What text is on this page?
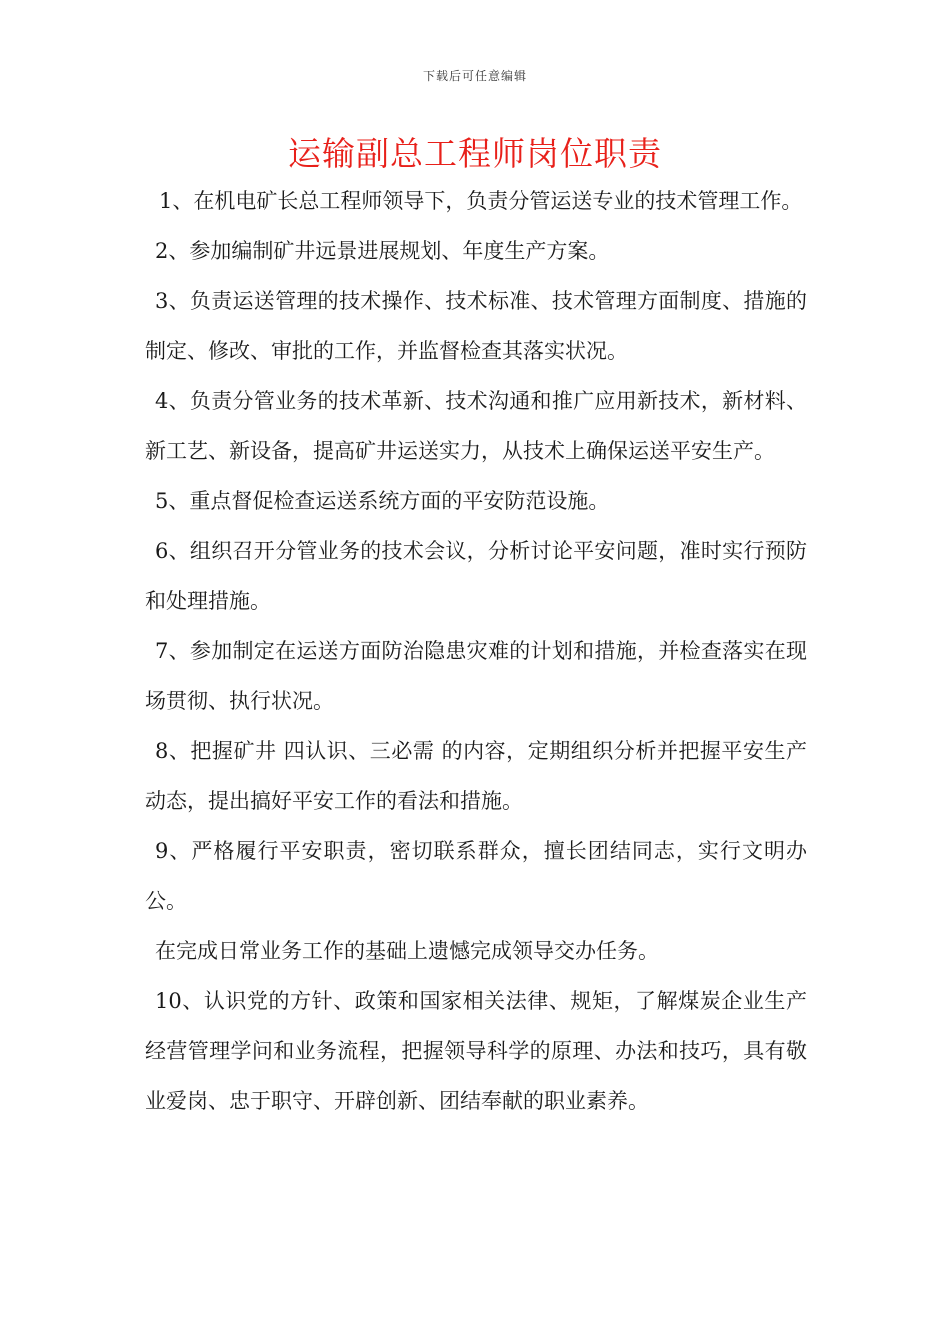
下载后可任意编辑
运输副总工程师岗位职责

1、在机电矿长总工程师领导下，负责分管运送专业的技术管理工作。

2、参加编制矿井远景进展规划、年度生产方案。

3、负责运送管理的技术操作、技术标准、技术管理方面制度、措施的制定、修改、审批的工作，并监督检查其落实状况。

4、负责分管业务的技术革新、技术沟通和推广应用新技术，新材料、新工艺、新设备，提高矿井运送实力，从技术上确保运送平安生产。

5、重点督促检查运送系统方面的平安防范设施。

6、组织召开分管业务的技术会议，分析讨论平安问题，准时实行预防和处理措施。

7、参加制定在运送方面防治隐患灾难的计划和措施，并检查落实在现场贯彻、执行状况。

8、把握矿井 四认识、三必需 的内容，定期组织分析并把握平安生产动态，提出搞好平安工作的看法和措施。

9、严格履行平安职责，密切联系群众，擅长团结同志，实行文明办公。

在完成日常业务工作的基础上遗憾完成领导交办任务。

10、认识党的方针、政策和国家相关法律、规矩，了解煤炭企业生产经营管理学问和业务流程，把握领导科学的原理、办法和技巧，具有敬业爱岗、忠于职守、开辟创新、团结奉献的职业素养。
